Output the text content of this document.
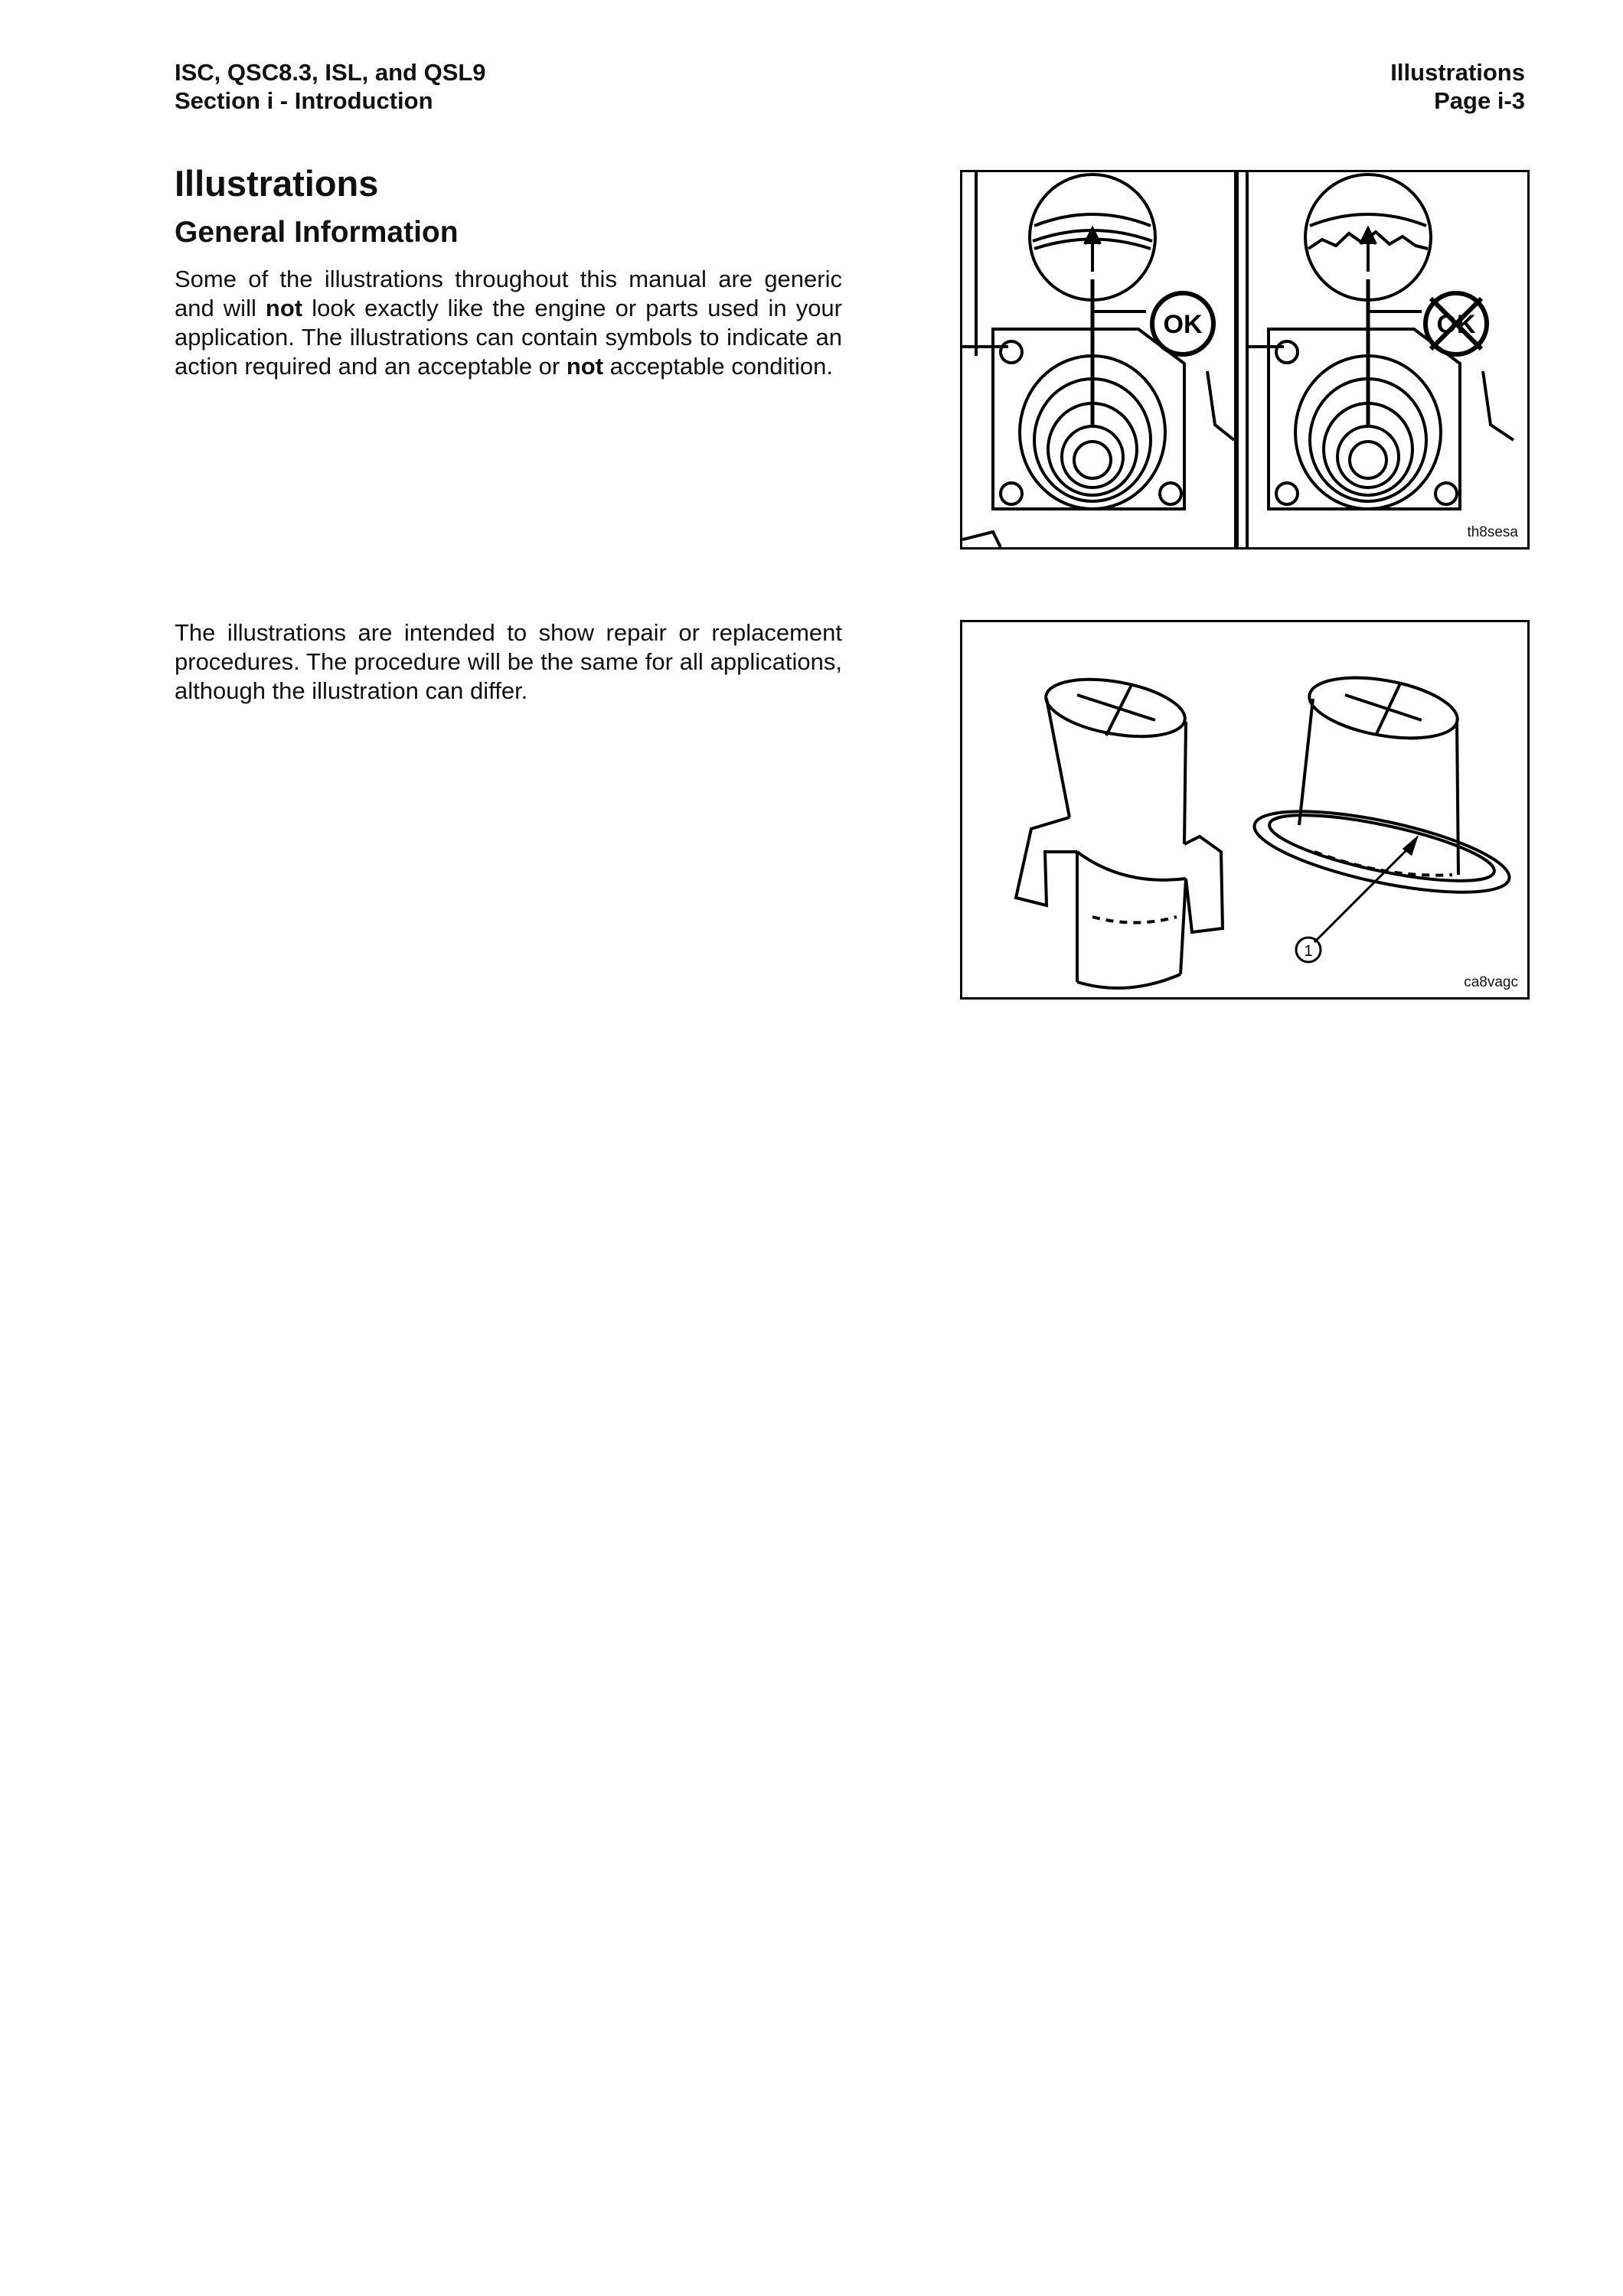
ISC, QSC8.3, ISL, and QSL9
Section i - Introduction
Illustrations
Page i-3
Illustrations
General Information

Some of the illustrations throughout this manual are generic and will not look exactly like the engine or parts used in your application. The illustrations can contain symbols to indicate an action required and an acceptable or not acceptable condition.

The illustrations are intended to show repair or replacement procedures. The procedure will be the same for all applications, although the illustration can differ.

OK	OK
th8sesa
1
ca8vagc
